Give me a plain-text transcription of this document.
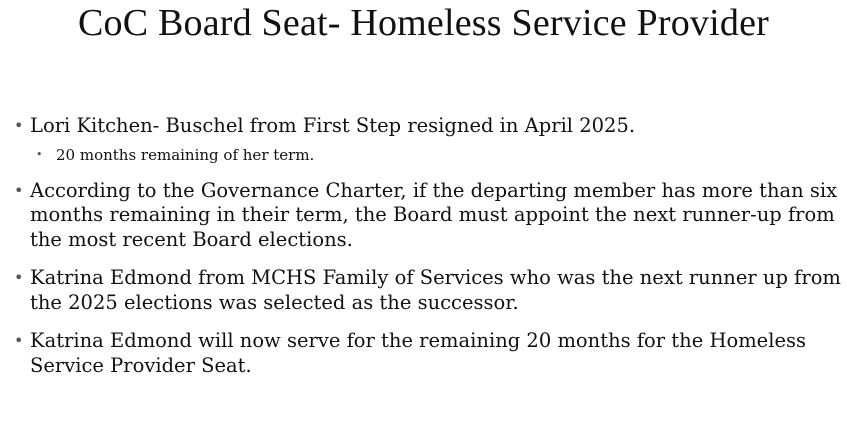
CoC Board Seat- Homeless Service Provider
• Lori Kitchen- Buschel from First Step resigned in April 2025.
• 20 months remaining of her term.
• According to the Governance Charter, if the departing member has more than six months remaining in their term, the Board must appoint the next runner-up from the most recent Board elections.
• Katrina Edmond from MCHS Family of Services who was the next runner up from the 2025 elections was selected as the successor.
• Katrina Edmond will now serve for the remaining 20 months for the Homeless Service Provider Seat.
